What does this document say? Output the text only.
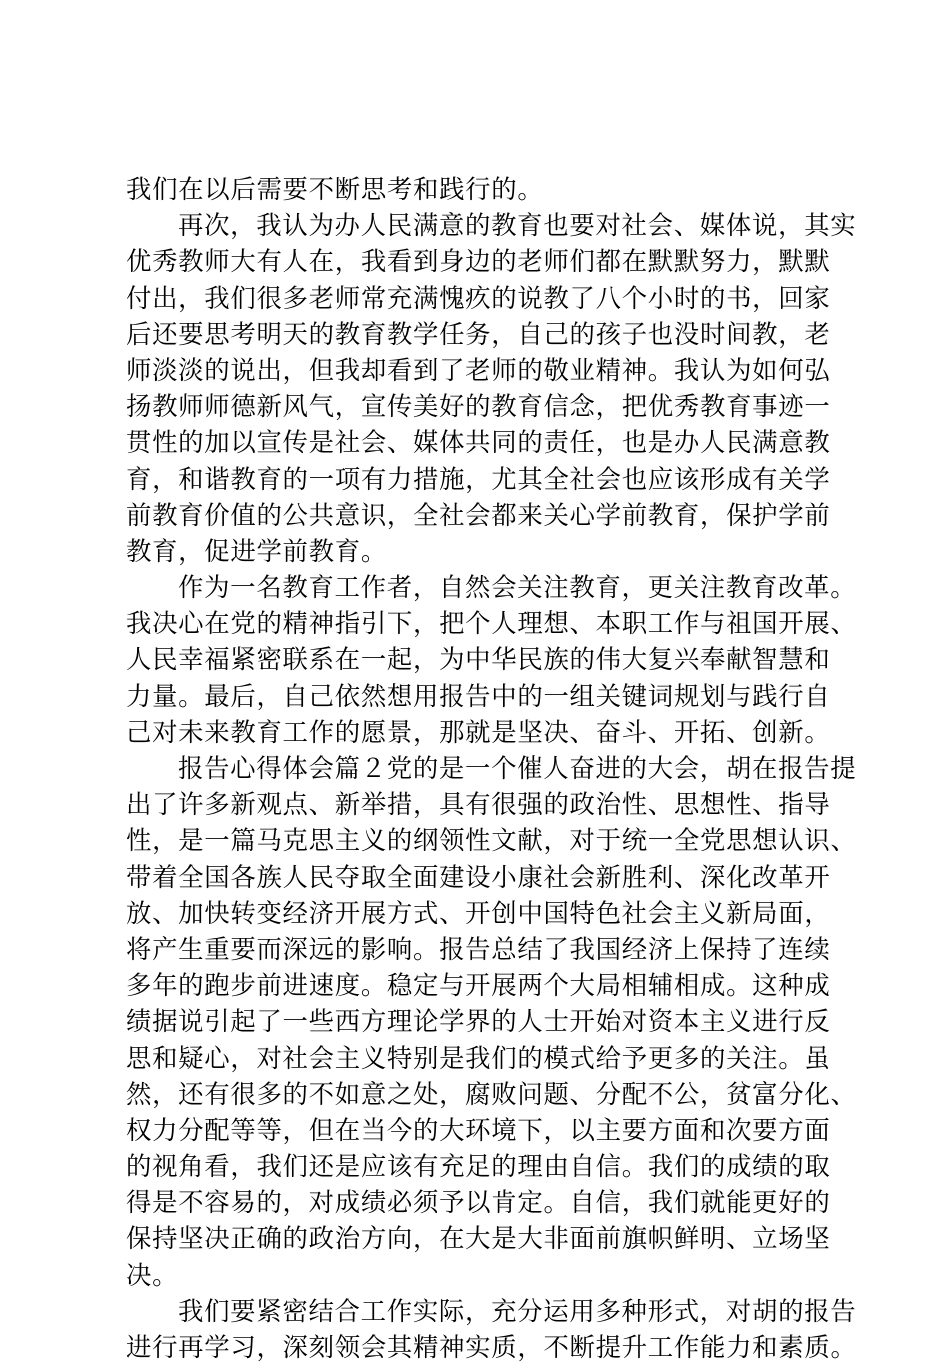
我们在以后需要不断思考和践行的。
再次，我认为办人民满意的教育也要对社会、媒体说，其实
优秀教师大有人在，我看到身边的老师们都在默默努力，默默
付出，我们很多老师常充满愧疚的说教了八个小时的书，回家
后还要思考明天的教育教学任务，自己的孩子也没时间教，老
师淡淡的说出，但我却看到了老师的敬业精神。我认为如何弘
扬教师师德新风气，宣传美好的教育信念，把优秀教育事迹一
贯性的加以宣传是社会、媒体共同的责任，也是办人民满意教
育，和谐教育的一项有力措施，尤其全社会也应该形成有关学
前教育价值的公共意识，全社会都来关心学前教育，保护学前
教育，促进学前教育。
作为一名教育工作者，自然会关注教育，更关注教育改革。
我决心在党的精神指引下，把个人理想、本职工作与祖国开展、
人民幸福紧密联系在一起，为中华民族的伟大复兴奉献智慧和
力量。最后，自己依然想用报告中的一组关键词规划与践行自
己对未来教育工作的愿景，那就是坚决、奋斗、开拓、创新。
报告心得体会篇２党的是一个催人奋进的大会，胡在报告提
出了许多新观点、新举措，具有很强的政治性、思想性、指导
性，是一篇马克思主义的纲领性文献，对于统一全党思想认识、
带着全国各族人民夺取全面建设小康社会新胜利、深化改革开
放、加快转变经济开展方式、开创中国特色社会主义新局面，
将产生重要而深远的影响。报告总结了我国经济上保持了连续
多年的跑步前进速度。稳定与开展两个大局相辅相成。这种成
绩据说引起了一些西方理论学界的人士开始对资本主义进行反
思和疑心，对社会主义特别是我们的模式给予更多的关注。虽
然，还有很多的不如意之处，腐败问题、分配不公，贫富分化、
权力分配等等，但在当今的大环境下，以主要方面和次要方面
的视角看，我们还是应该有充足的理由自信。我们的成绩的取
得是不容易的，对成绩必须予以肯定。自信，我们就能更好的
保持坚决正确的政治方向，在大是大非面前旗帜鲜明、立场坚
决。
我们要紧密结合工作实际，充分运用多种形式，对胡的报告
进行再学习，深刻领会其精神实质，不断提升工作能力和素质。
